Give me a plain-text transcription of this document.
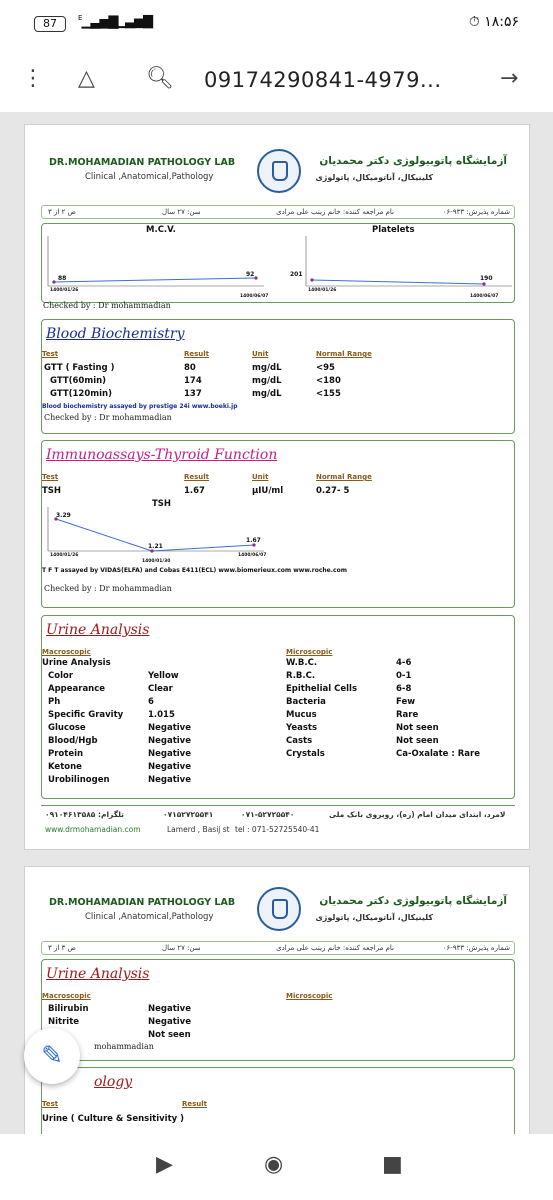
87	$^E$▁▃▅▇
▁▃▅▇	⏱ ۱۸:۵۶
⋮ △ 🔍︎	→
09174290841-4979...
DR.MOHAMADIAN PATHOLOGY LAB
Clinical ,Anatomical,Pathology
آزمایشگاه پاتوبیولوژی دکتر محمدیان
کلینیکال، آناتومیکال، پاتولوژی
شماره پذیرش: ۹۳۳-۰۶
نام مراجعه کننده: خانم زینب علی مرادی
سن: ۲۷ سال
ص ۲ از ۳
M.C.V.	Platelets
88
92
1400/01/26
1400/06/07
201
190
1400/01/26
1400/06/07
Checked by : Dr mohammadian
Blood Biochemistry
Test	Result	Unit	Normal Range
GTT ( Fasting )	80	mg/dL	<95
GTT(60min)	174	mg/dL	<180
GTT(120min)	137	mg/dL	<155
Blood biochemistry assayed by prestige 24i www.boeki.jp
Checked by : Dr mohammadian
Immunoassays-Thyroid Function
Test	Result	Unit	Normal Range
TSH	1.67	µIU/ml	0.27- 5
TSH
3.29
1.21
1.67
1400/01/26
1400/01/30
1400/06/07
T F T assayed by VIDAS(ELFA) and Cobas E411(ECL) www.biomerieux.com www.roche.com
Checked by : Dr mohammadian
Urine Analysis
Macroscopic	Microscopic
Urine Analysis
Color	Yellow
Appearance	Clear
Ph	6
Specific Gravity	1.015
Glucose	Negative
Blood/Hgb	Negative
Protein	Negative
Ketone	Negative
Urobilinogen	Negative
W.B.C.	4-6
R.B.C.	0-1
Epithelial Cells	6-8
Bacteria	Few
Mucus	Rare
Yeasts	Not seen
Casts	Not seen
Crystals	Ca-Oxalate : Rare
تلگرام: ۰۹۱۰۴۶۱۳۵۸۵	۰۷۱۵۲۷۲۵۵۴۱	۰۷۱-۵۲۷۲۵۵۴۰	لامرد، ابتدای میدان امام (ره)، روبروی بانک ملی
www.drmohamadian.com	Lamerd , Basij st tel : 071-52725540-41
DR.MOHAMADIAN PATHOLOGY LAB
Clinical ,Anatomical,Pathology
آزمایشگاه پاتوبیولوژی دکتر محمدیان
کلینیکال، آناتومیکال، پاتولوژی
شماره پذیرش: ۹۳۳-۰۶
نام مراجعه کننده: خانم زینب علی مرادی
سن: ۲۷ سال
ص ۳ از ۳
Urine Analysis
Macroscopic	Microscopic
Bilirubin	Negative
Nitrite	Negative
Not seen
mohammadian
ology
Test	Result
Urine ( Culture & Sensitivity )
✎
▶	◉	■
